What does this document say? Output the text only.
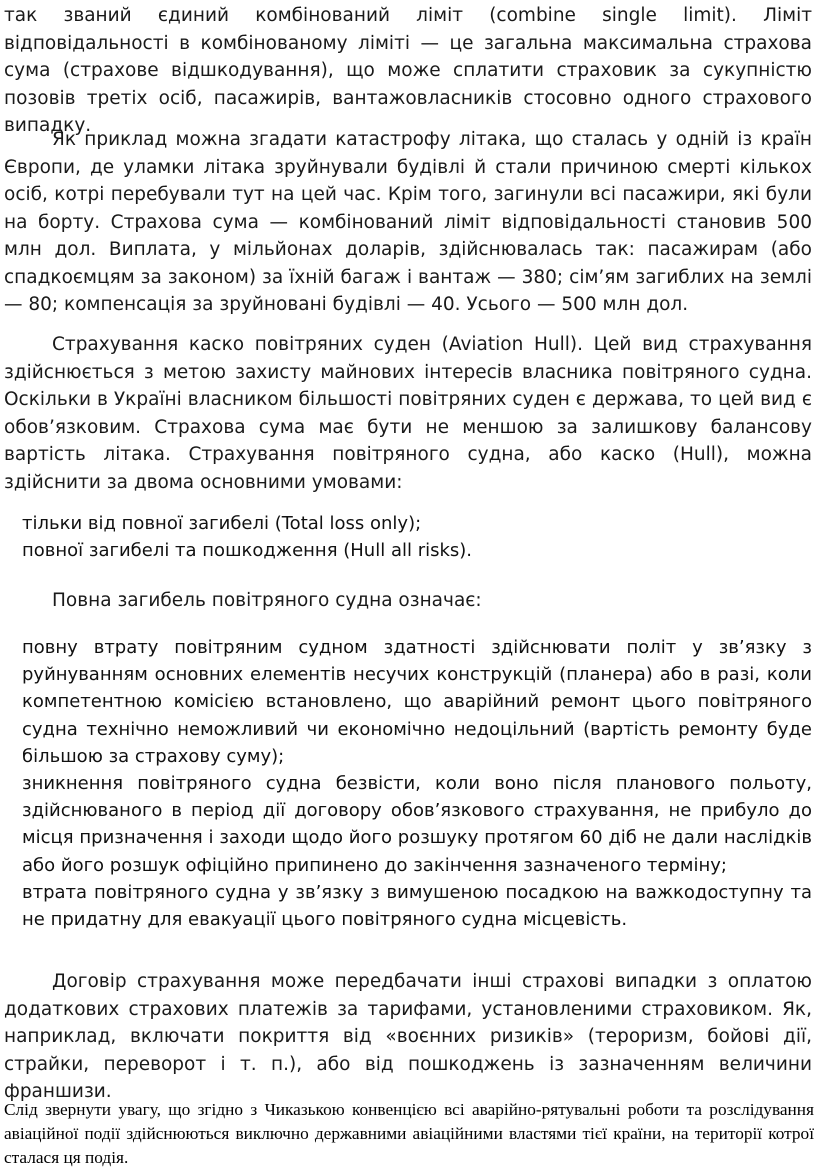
так званий єдиний комбінований ліміт (combine single limit). Ліміт відповідальності в комбінованому ліміті — це загальна максимальна страхова сума (страхове відшкодування), що може сплатити страховик за сукупністю позовів третіх осіб, пасажирів, вантажовласників стосовно одного страхового випадку.

Як приклад можна згадати катастрофу літака, що сталась у одній із країн Європи, де уламки літака зруйнували будівлі й стали причиною смерті кількох осіб, котрі перебували тут на цей час. Крім того, загинули всі пасажири, які були на борту. Страхова сума — комбінований ліміт відповідальності становив 500 млн дол. Виплата, у мільйонах доларів, здійснювалась так: пасажирам (або спадкоємцям за законом) за їхній багаж і вантаж — 380; сім’ям загиблих на землі — 80; компенсація за зруйновані будівлі — 40. Усього — 500 млн дол.

Страхування каско повітряних суден (Aviation Hull). Цей вид страхування здійснюється з метою захисту майнових інтересів власника повітряного судна. Оскільки в Україні власником більшості повітряних суден є держава, то цей вид є обов’язковим. Страхова сума має бути не меншою за залишкову балансову вартість літака. Страхування повітряного судна, або каско (Hull), можна здійснити за двома основними умовами:

тільки від повної загибелі (Total loss only);
повної загибелі та пошкодження (Hull all risks).

Повна загибель повітряного судна означає:

повну втрату повітряним судном здатності здійснювати політ у зв’язку з руйнуванням основних елементів несучих конструкцій (планера) або в разі, коли компетентною комісією встановлено, що аварійний ремонт цього повітряного судна технічно неможливий чи економічно недоцільний (вартість ремонту буде більшою за страхову суму);
зникнення повітряного судна безвісти, коли воно після планового польоту, здійснюваного в період дії договору обов’язкового страхування, не прибуло до місця призначення і заходи щодо його розшуку протягом 60 діб не дали наслідків або його розшук офіційно припинено до закінчення зазначеного терміну;
втрата повітряного судна у зв’язку з вимушеною посадкою на важкодоступну та не придатну для евакуації цього повітряного судна місцевість.

Договір страхування може передбачати інші страхові випадки з оплатою додаткових страхових платежів за тарифами, установленими страховиком. Як, наприклад, включати покриття від «воєнних ризиків» (тероризм, бойові дії, страйки, переворот і т. п.), або від пошкоджень із зазначенням величини франшизи.

Слід звернути увагу, що згідно з Чиказькою конвенцією всі аварійно-рятувальні роботи та розслідування авіаційної події здійснюються виключно державними авіаційними властями тієї країни, на території котрої сталася ця подія.
